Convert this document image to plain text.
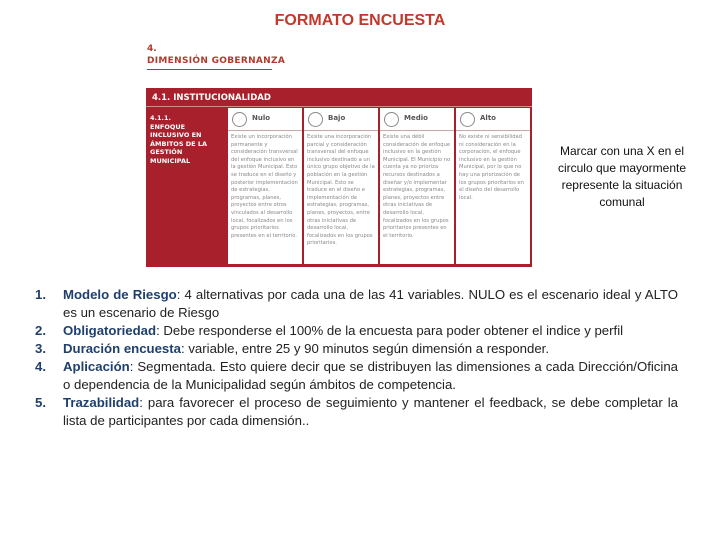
FORMATO ENCUESTA
4.
DIMENSIÓN GOBERNANZA
4.1. INSTITUCIONALIDAD
4.1.1.
ENFOQUE INCLUSIVO EN ÁMBITOS DE LA GESTIÓN MUNICIPAL
Nulo
Existe un incorporación permanente y consideración transversal del enfoque inclusivo en la gestión Municipal. Esto se traduce en el diseño y posterior implementación de estrategias, programas, planes, proyectos entre otros vinculados al desarrollo local, focalizados en los grupos prioritarios presentes en el territorio.
Bajo
Existe una incorporación parcial y consideración transversal del enfoque inclusivo destinado a un único grupo objetivo de la población en la gestión Municipal. Esto se traduce en el diseño e implementación de estrategias, programas, planes, proyectos, entre otras iniciativas de desarrollo local, focalizados en los grupos prioritarios.
Medio
Existe una débil consideración de enfoque inclusivo en la gestión Municipal. El Municipio no cuenta ya no prioriza recursos destinados a diseñar y/o implementar estrategias, programas, planes, proyectos entre otras iniciativas de desarrollo local, focalizados en los grupos prioritarios presentes en el territorio.
Alto
No existe ni sensibilidad ni consideración en la corporación, el enfoque inclusivo en la gestión Municipal, por lo que no hay una priorización de los grupos prioritarios en el diseño del desarrollo local.
Marcar con una X en el circulo que mayormente represente la situación comunal
1. Modelo de Riesgo: 4 alternativas por cada una de las 41 variables. NULO es el escenario ideal y ALTO es un escenario de Riesgo
2. Obligatoriedad: Debe responderse el 100% de la encuesta para poder obtener el indice y perfil
3. Duración encuesta: variable, entre 25 y 90 minutos según dimensión a responder.
4. Aplicación: Segmentada. Esto quiere decir que se distribuyen las dimensiones a cada Dirección/Oficina o dependencia de la Municipalidad según ámbitos de competencia.
5. Trazabilidad: para favorecer el proceso de seguimiento y mantener el feedback, se debe completar la lista de participantes por cada dimensión..
